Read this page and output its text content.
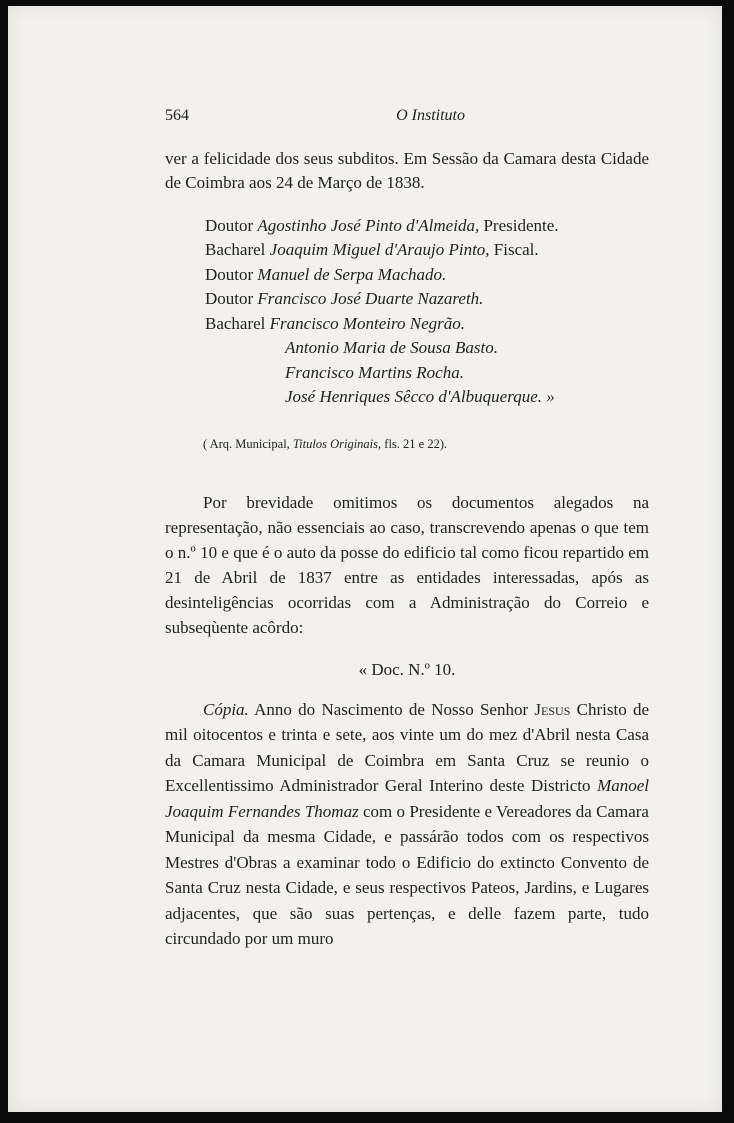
564	O Instituto

ver a felicidade dos seus subditos. Em Sessão da Camara desta Cidade de Coimbra aos 24 de Março de 1838.

Doutor Agostinho José Pinto d'Almeida, Presidente.
Bacharel Joaquim Miguel d'Araujo Pinto, Fiscal.
Doutor Manuel de Serpa Machado.
Doutor Francisco José Duarte Nazareth.
Bacharel Francisco Monteiro Negrão.
Antonio Maria de Sousa Basto.
Francisco Martins Rocha.
José Henriques Sêcco d'Albuquerque. »
( Arq. Municipal, Titulos Originais, fls. 21 e 22).

Por brevidade omitimos os documentos alegados na representação, não essenciais ao caso, transcrevendo apenas o que tem o n.º 10 e que é o auto da posse do edificio tal como ficou repartido em 21 de Abril de 1837 entre as entidades interessadas, após as desinteligências ocorridas com a Administração do Correio e subseqùente acôrdo:

« Doc. N.º 10.

Cópia. Anno do Nascimento de Nosso Senhor Jesus Christo de mil oitocentos e trinta e sete, aos vinte um do mez d'Abril nesta Casa da Camara Municipal de Coimbra em Santa Cruz se reunio o Excellentissimo Administrador Geral Interino deste Districto Manoel Joaquim Fernandes Thomaz com o Presidente e Vereadores da Camara Municipal da mesma Cidade, e passárão todos com os respectivos Mestres d'Obras a examinar todo o Edificio do extincto Convento de Santa Cruz nesta Cidade, e seus respectivos Pateos, Jardins, e Lugares adjacentes, que são suas pertenças, e delle fazem parte, tudo circundado por um muro
